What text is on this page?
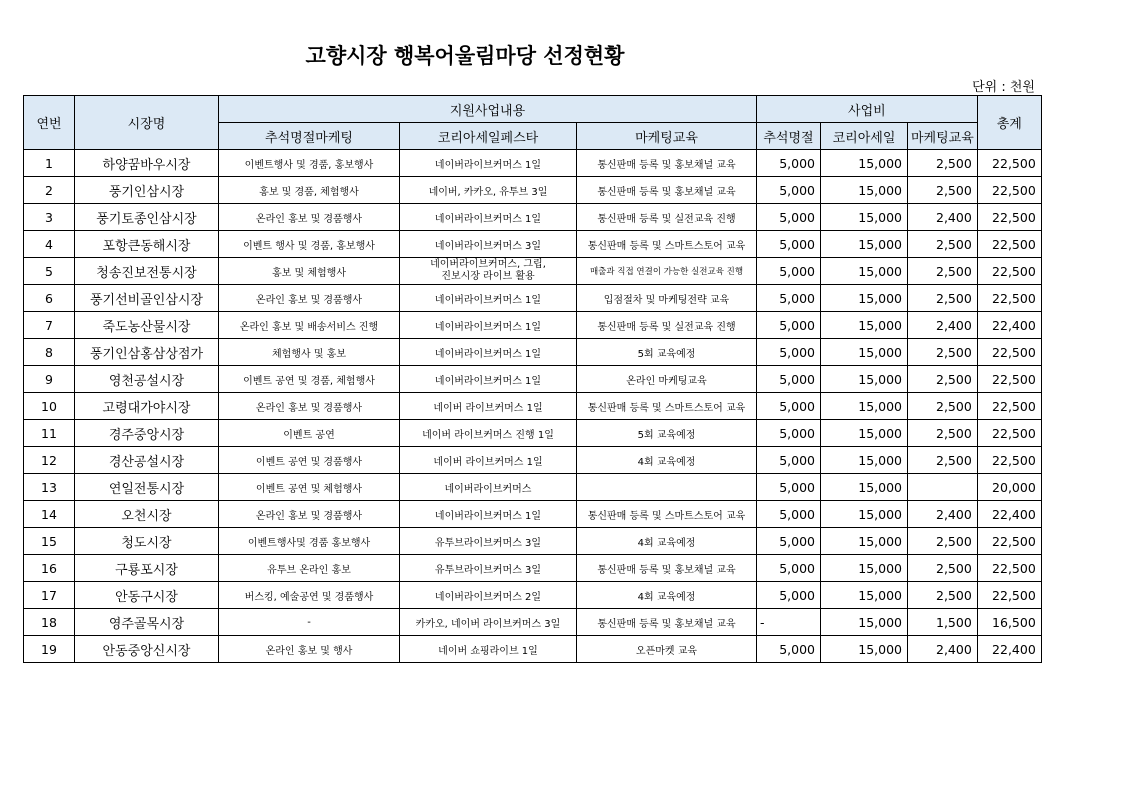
고향시장 행복어울림마당 선정현황
단위 : 천원
연번	시장명	지원사업내용			사업비			총계
		추석명절마케팅	코리아세일페스타	마케팅교육	추석명절	코리아세일	마케팅교육	
1	하양꿈바우시장	이벤트행사 및 경품, 홍보행사	네이버라이브커머스 1일	통신판매 등록 및 홍보채널 교육	5,000	15,000	2,500	22,500
2	풍기인삼시장	홍보 및 경품, 체험행사	네이버, 카카오, 유투브 3일	통신판매 등록 및 홍보채널 교육	5,000	15,000	2,500	22,500
3	풍기토종인삼시장	온라인 홍보 및 경품행사	네이버라이브커머스 1일	통신판매 등록 및 실전교육 진행	5,000	15,000	2,400	22,500
4	포항큰동해시장	이벤트 행사 및 경품, 홍보행사	네이버라이브커머스 3일	통신판매 등록 및 스마트스토어 교육	5,000	15,000	2,500	22,500
5	청송진보전통시장	홍보 및 체험행사	네이버라이브커머스, 그립,
진보시장 라이브 활용	매출과 직접 연결이 가능한 실전교육 진행	5,000	15,000	2,500	22,500
6	풍기선비골인삼시장	온라인 홍보 및 경품행사	네이버라이브커머스 1일	입점절차 및 마케팅전략 교육	5,000	15,000	2,500	22,500
7	죽도농산물시장	온라인 홍보 및 배송서비스 진행	네이버라이브커머스 1일	통신판매 등록 및 실전교육 진행	5,000	15,000	2,400	22,400
8	풍기인삼홍삼상점가	체험행사 및 홍보	네이버라이브커머스 1일	5회 교육예정	5,000	15,000	2,500	22,500
9	영천공설시장	이벤트 공연 및 경품, 체험행사	네이버라이브커머스 1일	온라인 마케팅교육	5,000	15,000	2,500	22,500
10	고령대가야시장	온라인 홍보 및 경품행사	네이버 라이브커머스 1일	통신판매 등록 및 스마트스토어 교육	5,000	15,000	2,500	22,500
11	경주중앙시장	이벤트 공연	네이버 라이브커머스 진행 1일	5회 교육예정	5,000	15,000	2,500	22,500
12	경산공설시장	이벤트 공연 및 경품행사	네이버 라이브커머스 1일	4회 교육예정	5,000	15,000	2,500	22,500
13	연일전통시장	이벤트 공연 및 체험행사	네이버라이브커머스		5,000	15,000		20,000
14	오천시장	온라인 홍보 및 경품행사	네이버라이브커머스 1일	통신판매 등록 및 스마트스토어 교육	5,000	15,000	2,400	22,400
15	청도시장	이벤트행사및 경품 홍보행사	유투브라이브커머스 3일	4회 교육예정	5,000	15,000	2,500	22,500
16	구룡포시장	유투브 온라인 홍보	유투브라이브커머스 3일	통신판매 등록 및 홍보채널 교육	5,000	15,000	2,500	22,500
17	안동구시장	버스킹, 예술공연 및 경품행사	네이버라이브커머스 2일	4회 교육예정	5,000	15,000	2,500	22,500
18	영주골목시장	-	카카오, 네이버 라이브커머스 3일	통신판매 등록 및 홍보채널 교육	-	15,000	1,500	16,500
19	안동중앙신시장	온라인 홍보 및 행사	네이버 쇼핑라이브 1일	오픈마켓 교육	5,000	15,000	2,400	22,400
